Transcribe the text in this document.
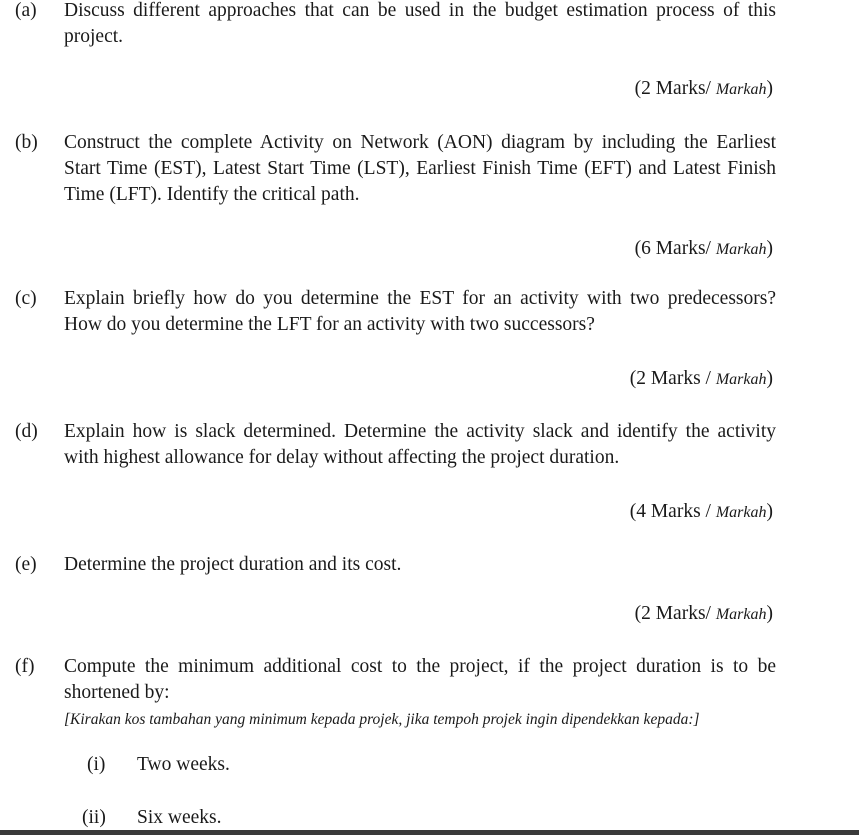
(a) Discuss different approaches that can be used in the budget estimation process of this
project.
(2 Marks/ Markah)
(b) Construct the complete Activity on Network (AON) diagram by including the Earliest
Start Time (EST), Latest Start Time (LST), Earliest Finish Time (EFT) and Latest Finish
Time (LFT). Identify the critical path.
(6 Marks/ Markah)
(c) Explain briefly how do you determine the EST for an activity with two predecessors?
How do you determine the LFT for an activity with two successors?
(2 Marks / Markah)
(d) Explain how is slack determined. Determine the activity slack and identify the activity
with highest allowance for delay without affecting the project duration.
(4 Marks / Markah)
(e) Determine the project duration and its cost.
(2 Marks/ Markah)
(f) Compute the minimum additional cost to the project, if the project duration is to be
shortened by:
[Kirakan kos tambahan yang minimum kepada projek, jika tempoh projek ingin dipendekkan kepada:]
(i) Two weeks.
(ii) Six weeks.
